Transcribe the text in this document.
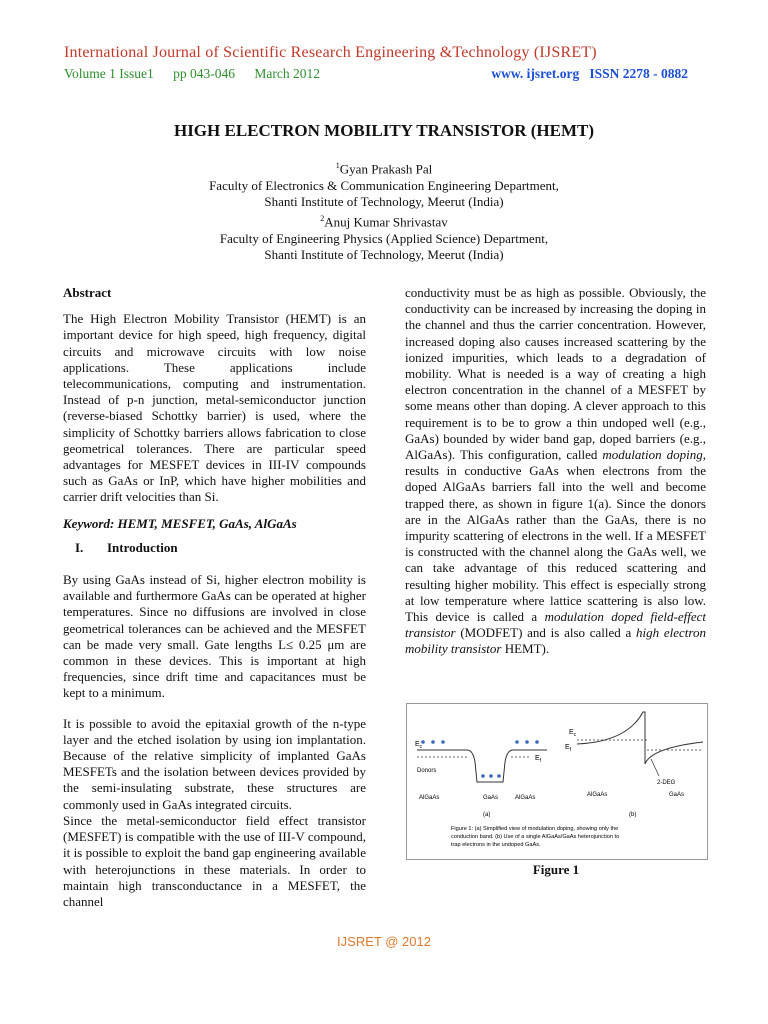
International Journal of Scientific Research Engineering &Technology (IJSRET)
Volume 1 Issue1 pp 043-046 March 2012	www. ijsret.org ISSN 2278 - 0882
HIGH ELECTRON MOBILITY TRANSISTOR (HEMT)
$^1$Gyan Prakash Pal
Faculty of Electronics & Communication Engineering Department,
Shanti Institute of Technology, Meerut (India)
$^2$Anuj Kumar Shrivastav
Faculty of Engineering Physics (Applied Science) Department,
Shanti Institute of Technology, Meerut (India)

Abstract

The High Electron Mobility Transistor (HEMT) is an important device for high speed, high frequency, digital circuits and microwave circuits with low noise applications. These applications include telecommunications, computing and instrumentation. Instead of p-n junction, metal-semiconductor junction (reverse-biased Schottky barrier) is used, where the simplicity of Schottky barriers allows fabrication to close geometrical tolerances. There are particular speed advantages for MESFET devices in III-IV compounds such as GaAs or InP, which have higher mobilities and carrier drift velocities than Si.

Keyword: HEMT, MESFET, GaAs, AlGaAs

I. Introduction

By using GaAs instead of Si, higher electron mobility is available and furthermore GaAs can be operated at higher temperatures. Since no diffusions are involved in close geometrical tolerances can be achieved and the MESFET can be made very small. Gate lengths L≤ 0.25 μm are common in these devices. This is important at high frequencies, since drift time and capacitances must be kept to a minimum.

It is possible to avoid the epitaxial growth of the n-type layer and the etched isolation by using ion implantation. Because of the relative simplicity of implanted GaAs MESFETs and the isolation between devices provided by the semi-insulating substrate, these structures are commonly used in GaAs integrated circuits.

Since the metal-semiconductor field effect transistor (MESFET) is compatible with the use of III-V compound, it is possible to exploit the band gap engineering available with heterojunctions in these materials. In order to maintain high transconductance in a MESFET, the channel

conductivity must be as high as possible. Obviously, the conductivity can be increased by increasing the doping in the channel and thus the carrier concentration. However, increased doping also causes increased scattering by the ionized impurities, which leads to a degradation of mobility. What is needed is a way of creating a high electron concentration in the channel of a MESFET by some means other than doping. A clever approach to this requirement is to be to grow a thin undoped well (e.g., GaAs) bounded by wider band gap, doped barriers (e.g., AlGaAs). This configuration, called modulation doping, results in conductive GaAs when electrons from the doped AlGaAs barriers fall into the well and become trapped there, as shown in figure 1(a). Since the donors are in the AlGaAs rather than the GaAs, there is no impurity scattering of electrons in the well. If a MESFET is constructed with the channel along the GaAs well, we can take advantage of this reduced scattering and resulting higher mobility. This effect is especially strong at low temperature where lattice scattering is also low. This device is called a modulation doped field-effect transistor (MODFET) and is also called a high electron mobility transistor HEMT).

$E_c$
$E_f$
Donors
AlGaAs	GaAs	AlGaAs
(a)
$E_c$
$E_f$
2-DEG
AlGaAs	GaAs
(b)
Figure 1: (a) Simplified view of modulation doping, showing only the
conduction band. (b) Use of a single AlGaAs/GaAs heterojunction to
trap electrons in the undoped GaAs.
Figure 1
IJSRET @ 2012
